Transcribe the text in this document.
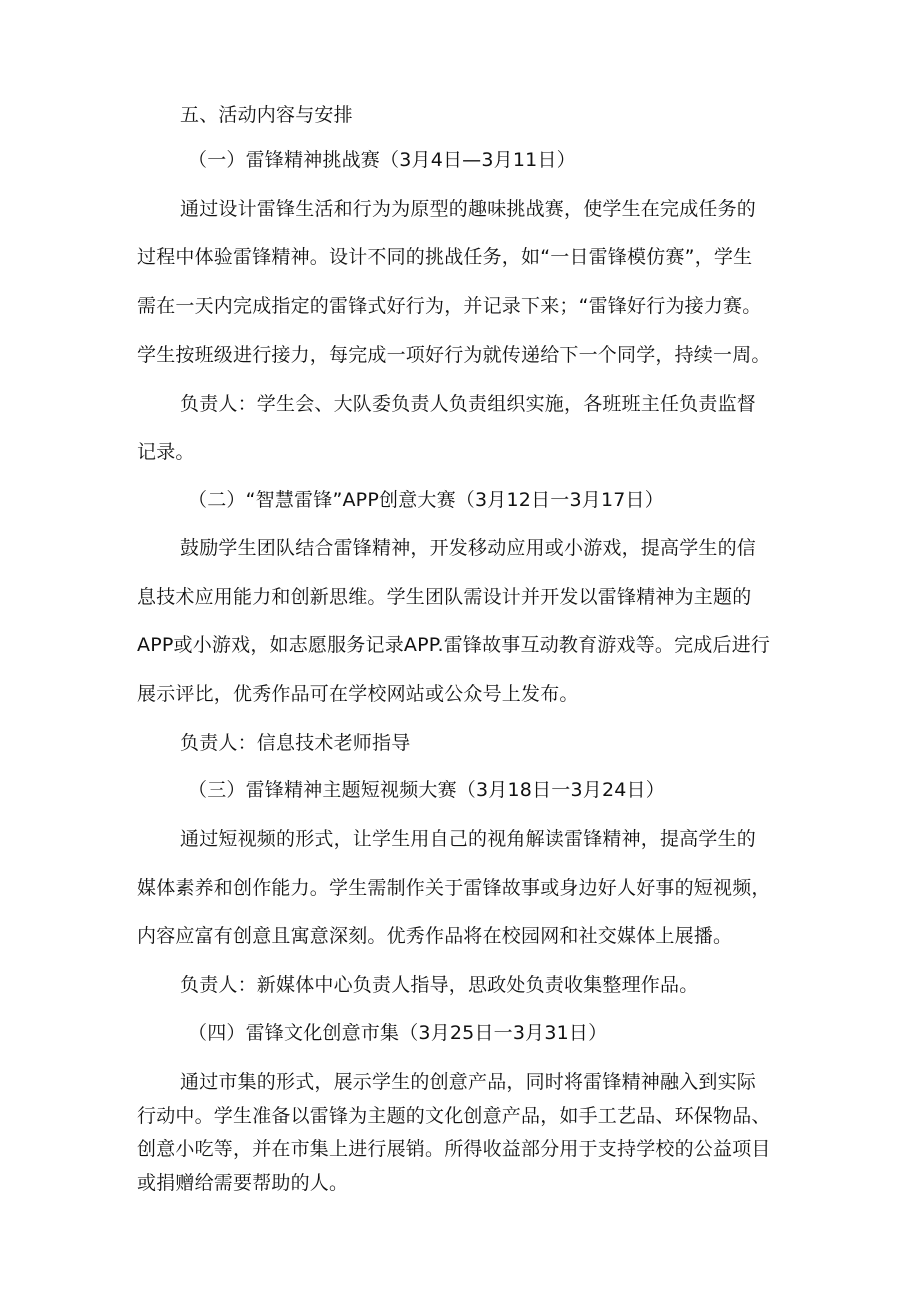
五、活动内容与安排

（一）雷锋精神挑战赛（3月4日—3月11日）

通过设计雷锋生活和行为为原型的趣味挑战赛，使学生在完成任务的

过程中体验雷锋精神。设计不同的挑战任务，如“一日雷锋模仿赛”，学生

需在一天内完成指定的雷锋式好行为，并记录下来；“雷锋好行为接力赛。

学生按班级进行接力，每完成一项好行为就传递给下一个同学，持续一周。

负责人：学生会、大队委负责人负责组织实施，各班班主任负责监督

记录。

（二）“智慧雷锋”APP创意大赛（3月12日一3月17日）

鼓励学生团队结合雷锋精神，开发移动应用或小游戏，提高学生的信

息技术应用能力和创新思维。学生团队需设计并开发以雷锋精神为主题的

APP或小游戏，如志愿服务记录APP.雷锋故事互动教育游戏等。完成后进行

展示评比，优秀作品可在学校网站或公众号上发布。

负责人：信息技术老师指导

（三）雷锋精神主题短视频大赛（3月18日一3月24日）

通过短视频的形式，让学生用自己的视角解读雷锋精神，提高学生的

媒体素养和创作能力。学生需制作关于雷锋故事或身边好人好事的短视频，

内容应富有创意且寓意深刻。优秀作品将在校园网和社交媒体上展播。

负责人：新媒体中心负责人指导，思政处负责收集整理作品。

（四）雷锋文化创意市集（3月25日一3月31日）

通过市集的形式，展示学生的创意产品，同时将雷锋精神融入到实际

行动中。学生准备以雷锋为主题的文化创意产品，如手工艺品、环保物品、

创意小吃等，并在市集上进行展销。所得收益部分用于支持学校的公益项目

或捐赠给需要帮助的人。
